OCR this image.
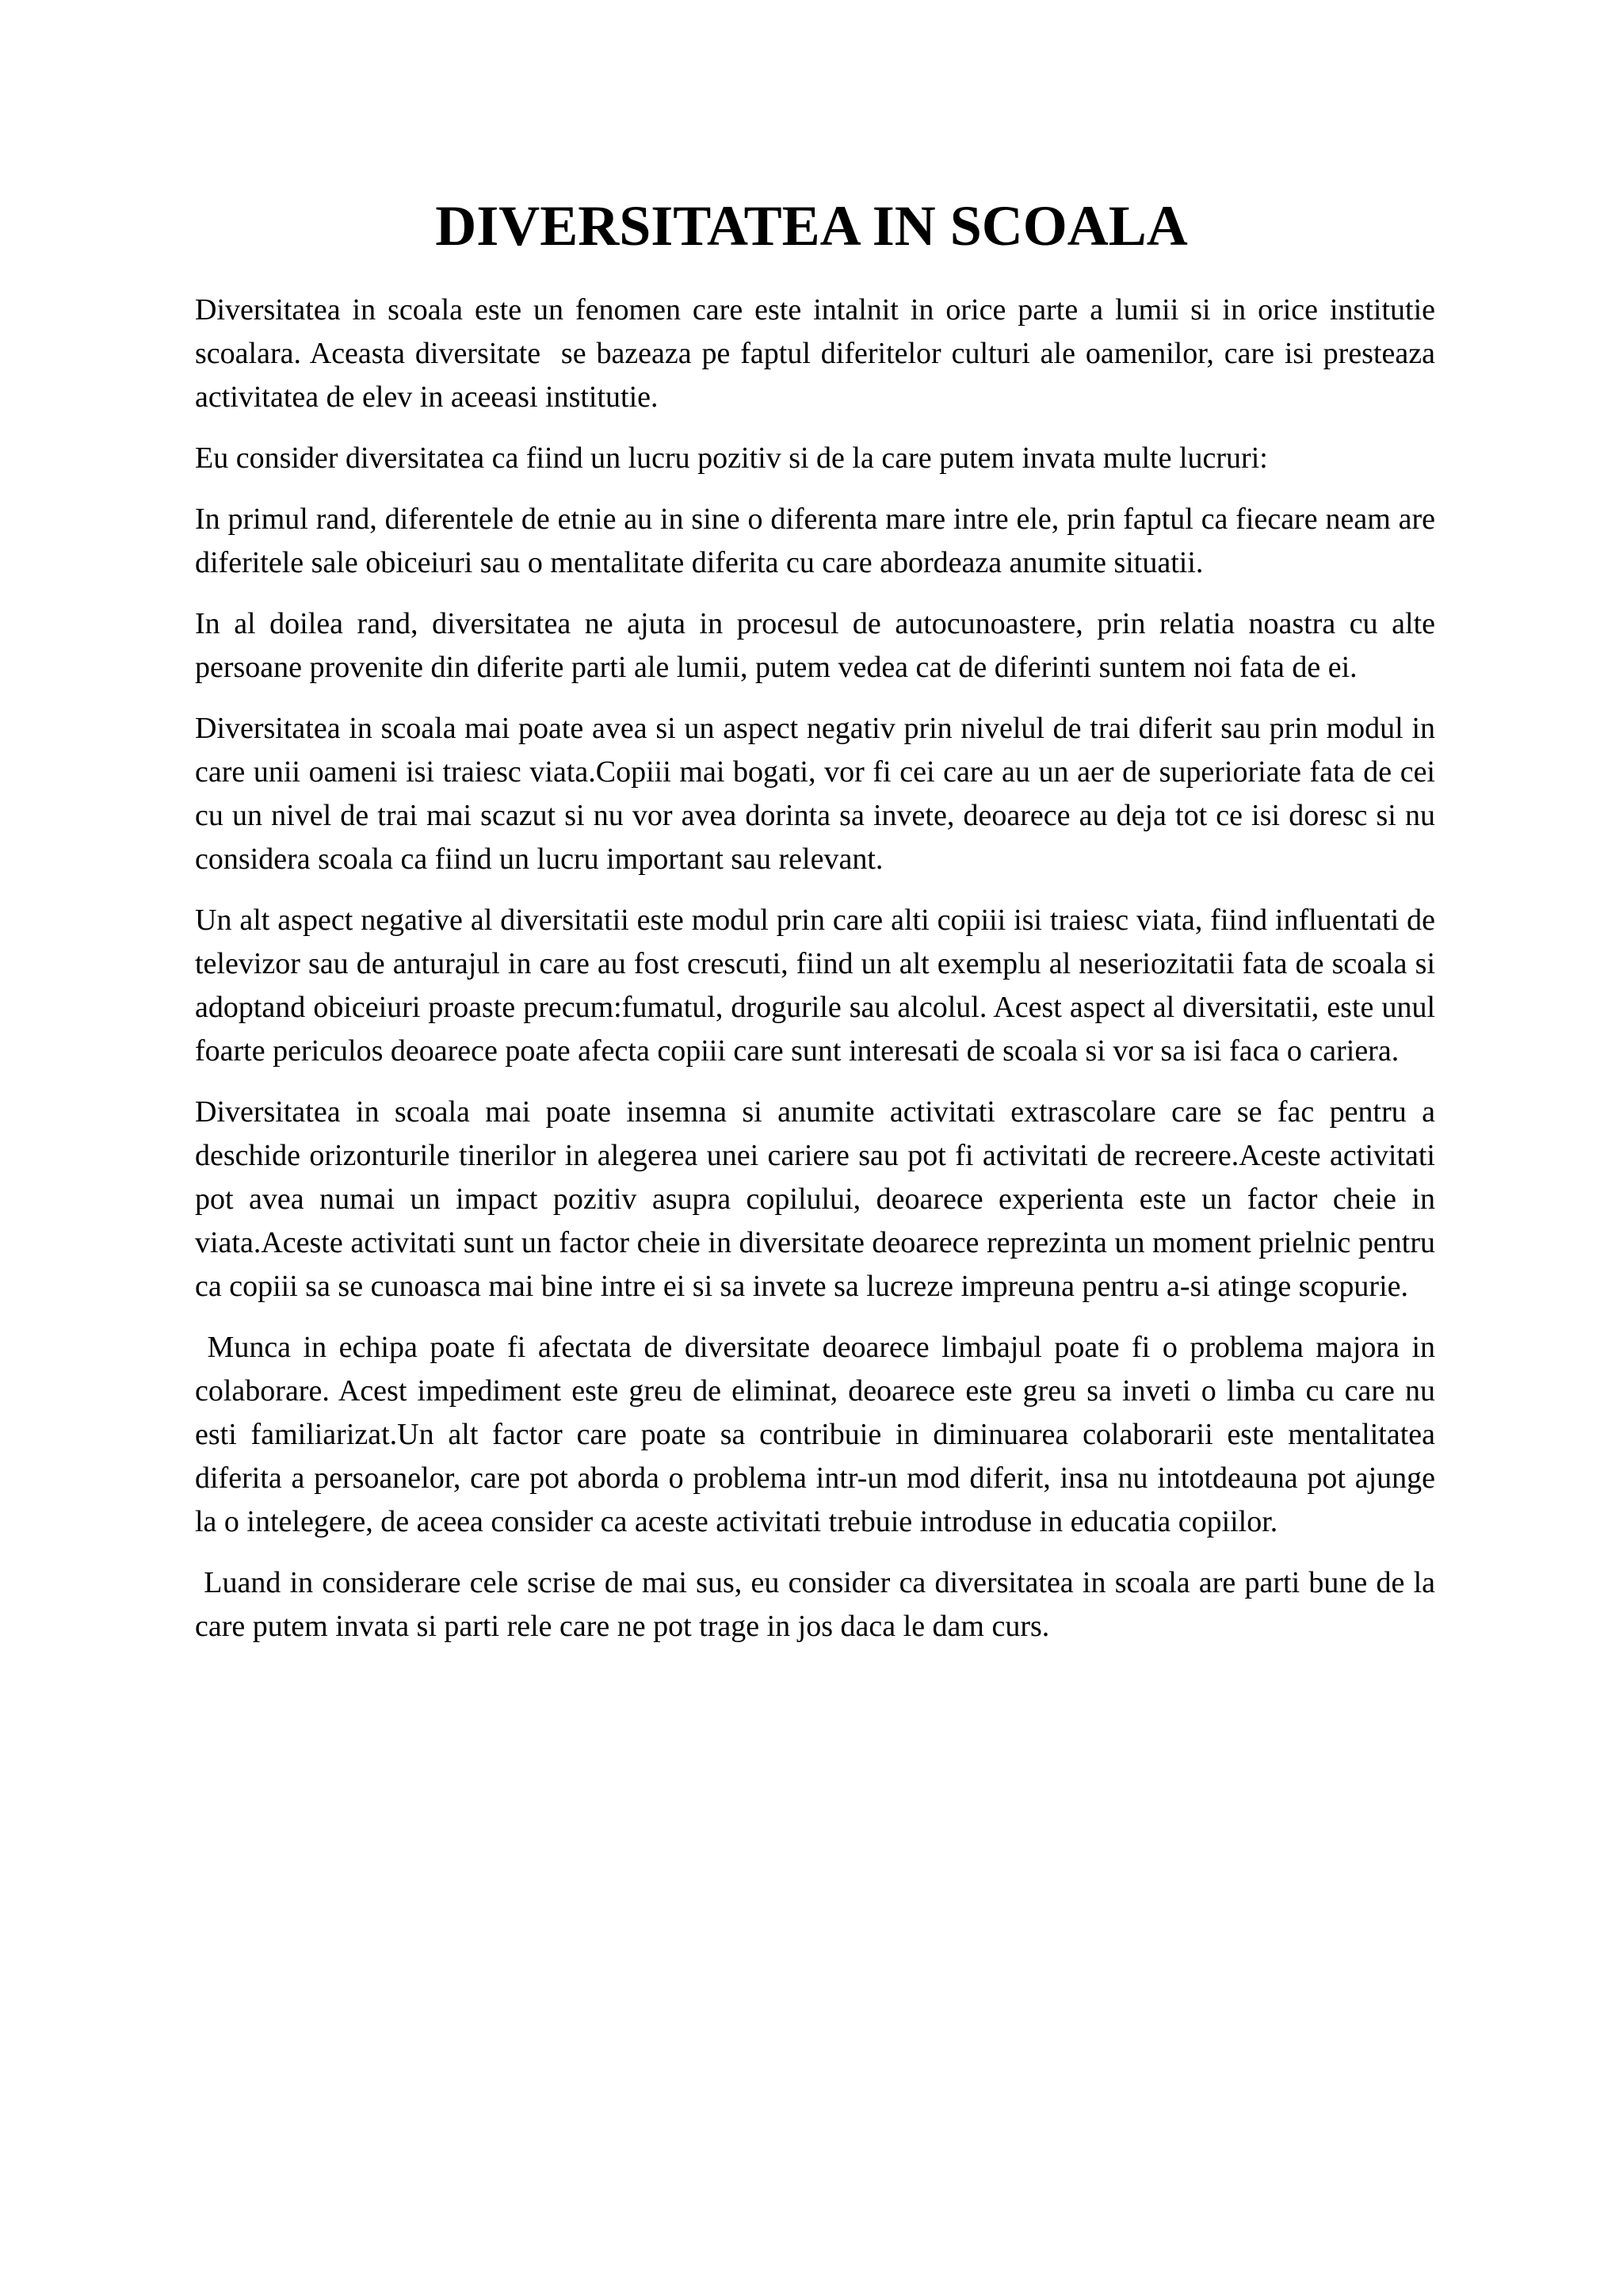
DIVERSITATEA IN SCOALA

Diversitatea in scoala este un fenomen care este intalnit in orice parte a lumii si in orice institutie scoalara. Aceasta diversitate  se bazeaza pe faptul diferitelor culturi ale oamenilor, care isi presteaza activitatea de elev in aceeasi institutie.

Eu consider diversitatea ca fiind un lucru pozitiv si de la care putem invata multe lucruri:

In primul rand, diferentele de etnie au in sine o diferenta mare intre ele, prin faptul ca fiecare neam are diferitele sale obiceiuri sau o mentalitate diferita cu care abordeaza anumite situatii.

In al doilea rand, diversitatea ne ajuta in procesul de autocunoastere, prin relatia noastra cu alte persoane provenite din diferite parti ale lumii, putem vedea cat de diferinti suntem noi fata de ei.

Diversitatea in scoala mai poate avea si un aspect negativ prin nivelul de trai diferit sau prin modul in care unii oameni isi traiesc viata.Copiii mai bogati, vor fi cei care au un aer de superioriate fata de cei cu un nivel de trai mai scazut si nu vor avea dorinta sa invete, deoarece au deja tot ce isi doresc si nu considera scoala ca fiind un lucru important sau relevant.

Un alt aspect negative al diversitatii este modul prin care alti copiii isi traiesc viata, fiind influentati de televizor sau de anturajul in care au fost crescuti, fiind un alt exemplu al neseriozitatii fata de scoala si adoptand obiceiuri proaste precum:fumatul, drogurile sau alcolul. Acest aspect al diversitatii, este unul foarte periculos deoarece poate afecta copiii care sunt interesati de scoala si vor sa isi faca o cariera.

Diversitatea in scoala mai poate insemna si anumite activitati extrascolare care se fac pentru a deschide orizonturile tinerilor in alegerea unei cariere sau pot fi activitati de recreere.Aceste activitati pot avea numai un impact pozitiv asupra copilului, deoarece experienta este un factor cheie in viata.Aceste activitati sunt un factor cheie in diversitate deoarece reprezinta un moment prielnic pentru ca copiii sa se cunoasca mai bine intre ei si sa invete sa lucreze impreuna pentru a-si atinge scopurie.

Munca in echipa poate fi afectata de diversitate deoarece limbajul poate fi o problema majora in colaborare. Acest impediment este greu de eliminat, deoarece este greu sa inveti o limba cu care nu esti familiarizat.Un alt factor care poate sa contribuie in diminuarea colaborarii este mentalitatea diferita a persoanelor, care pot aborda o problema intr-un mod diferit, insa nu intotdeauna pot ajunge la o intelegere, de aceea consider ca aceste activitati trebuie introduse in educatia copiilor.

Luand in considerare cele scrise de mai sus, eu consider ca diversitatea in scoala are parti bune de la care putem invata si parti rele care ne pot trage in jos daca le dam curs.
